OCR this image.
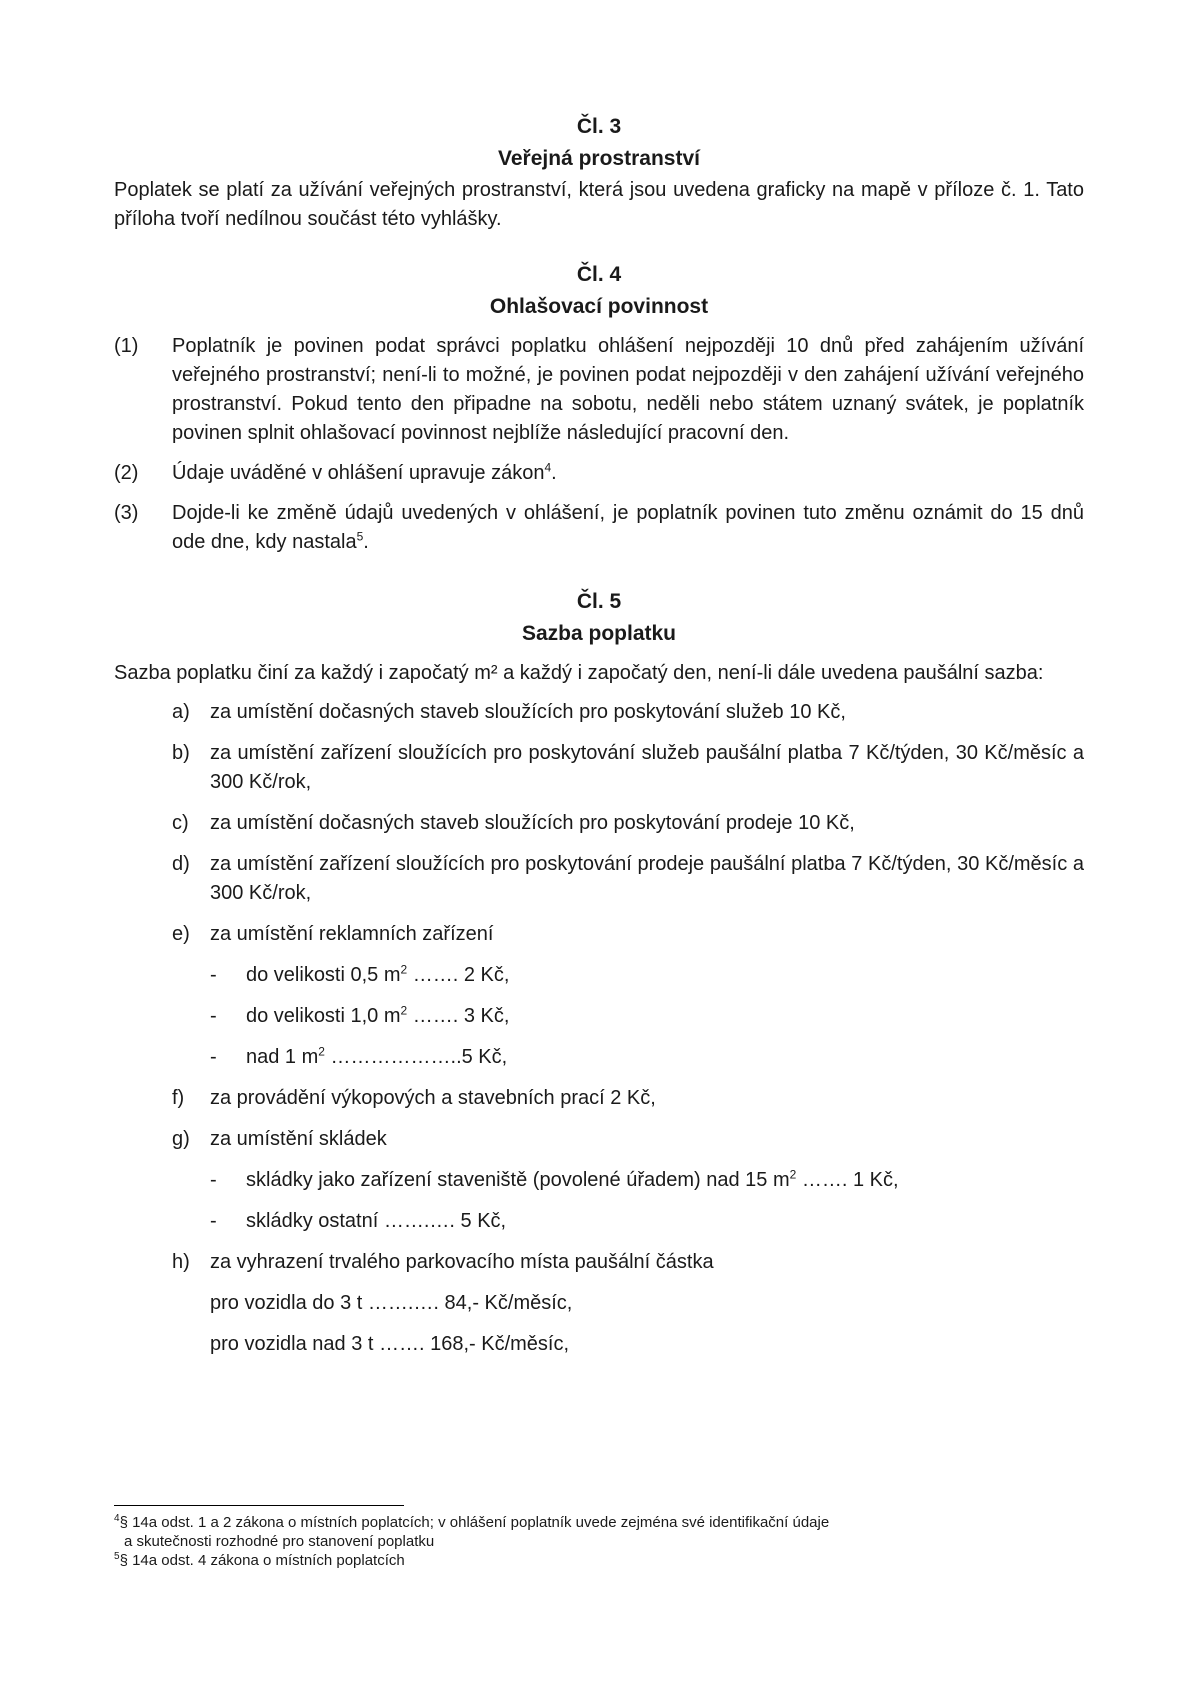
Čl. 3

Veřejná prostranství

Poplatek se platí za užívání veřejných prostranství, která jsou uvedena graficky na mapě v příloze č. 1. Tato příloha tvoří nedílnou součást této vyhlášky.

Čl. 4

Ohlašovací povinnost

(1)	Poplatník je povinen podat správci poplatku ohlášení nejpozději 10 dnů před zahájením užívání veřejného prostranství; není-li to možné, je povinen podat nejpozději v den zahájení užívání veřejného prostranství. Pokud tento den připadne na sobotu, neděli nebo státem uznaný svátek, je poplatník povinen splnit ohlašovací povinnost nejblíže následující pracovní den.
(2)	Údaje uváděné v ohlášení upravuje zákon$^4$.
(3)	Dojde-li ke změně údajů uvedených v ohlášení, je poplatník povinen tuto změnu oznámit do 15 dnů ode dne, kdy nastala$^5$.

Čl. 5

Sazba poplatku

Sazba poplatku činí za každý i započatý m² a každý i započatý den, není-li dále uvedena paušální sazba:

a)	za umístění dočasných staveb sloužících pro poskytování služeb 10 Kč,
b)	za umístění zařízení sloužících pro poskytování služeb paušální platba 7 Kč/týden, 30 Kč/měsíc a 300 Kč/rok,
c)	za umístění dočasných staveb sloužících pro poskytování prodeje 10 Kč,
d)	za umístění zařízení sloužících pro poskytování prodeje paušální platba 7 Kč/týden, 30 Kč/měsíc a 300 Kč/rok,
e)	za umístění reklamních zařízení
-	do velikosti 0,5 $m^2$ ……. 2 Kč,
-	do velikosti 1,0 $m^2$ ……. 3 Kč,
-	nad 1 $m^2$ ………………..5 Kč,
f)	za provádění výkopových a stavebních prací 2 Kč,
g)	za umístění skládek
-	skládky jako zařízení staveniště (povolené úřadem) nad 15 $m^2$ ……. 1 Kč,
-	skládky ostatní …….…. 5 Kč,
h)	za vyhrazení trvalého parkovacího místa paušální částka
pro vozidla do 3 t …….…. 84,- Kč/měsíc,
pro vozidla nad 3 t ……. 168,- Kč/měsíc,

$^4$§ 14a odst. 1 a 2 zákona o místních poplatcích; v ohlášení poplatník uvede zejména své identifikační údaje

a skutečnosti rozhodné pro stanovení poplatku

$^5$§ 14a odst. 4 zákona o místních poplatcích
